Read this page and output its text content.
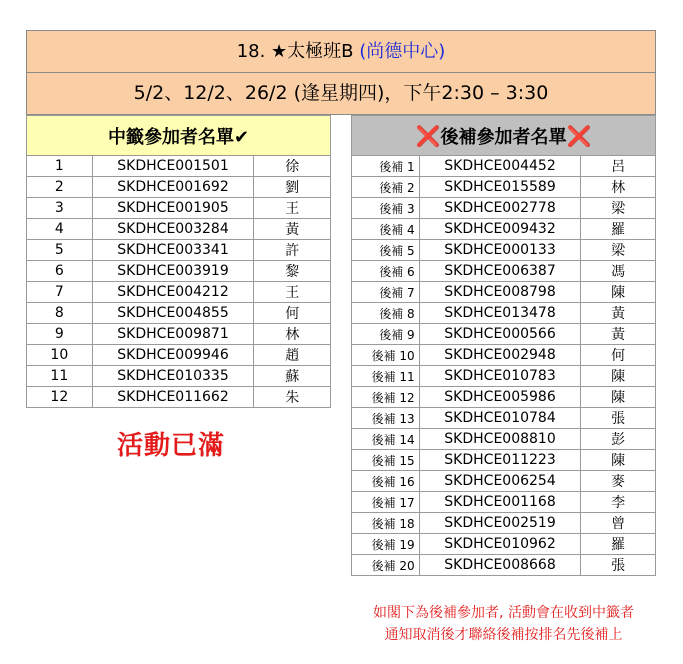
18. ★太極班B (尚德中心)
5/2、12/2、26/2 (逢星期四)，下午2:30 – 3:30
中籤參加者名單✔		
1	SKDHCE001501	徐
2	SKDHCE001692	劉
3	SKDHCE001905	王
4	SKDHCE003284	黃
5	SKDHCE003341	許
6	SKDHCE003919	黎
7	SKDHCE004212	王
8	SKDHCE004855	何
9	SKDHCE009871	林
10	SKDHCE009946	趙
11	SKDHCE010335	蘇
12	SKDHCE011662	朱
❌後補參加者名單❌		
後補 1	SKDHCE004452	呂
後補 2	SKDHCE015589	林
後補 3	SKDHCE002778	梁
後補 4	SKDHCE009432	羅
後補 5	SKDHCE000133	梁
後補 6	SKDHCE006387	馮
後補 7	SKDHCE008798	陳
後補 8	SKDHCE013478	黃
後補 9	SKDHCE000566	黃
後補 10	SKDHCE002948	何
後補 11	SKDHCE010783	陳
後補 12	SKDHCE005986	陳
後補 13	SKDHCE010784	張
後補 14	SKDHCE008810	彭
後補 15	SKDHCE011223	陳
後補 16	SKDHCE006254	麥
後補 17	SKDHCE001168	李
後補 18	SKDHCE002519	曾
後補 19	SKDHCE010962	羅
後補 20	SKDHCE008668	張
活動已滿
如閣下為後補參加者, 活動會在收到中籤者
通知取消後才聯絡後補按排名先後補上
